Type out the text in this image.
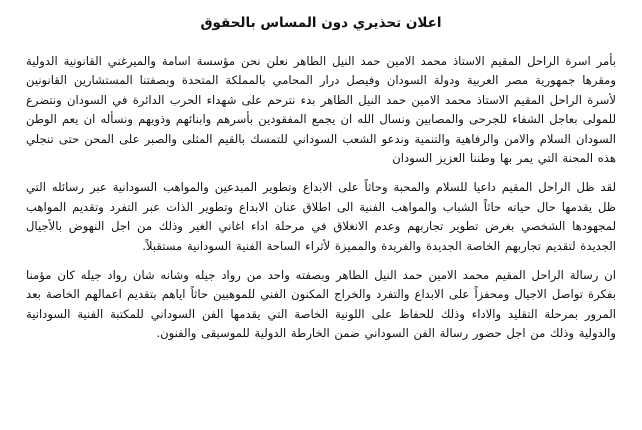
اعلان تحذيري دون المساس بالحقوق

بأمر اسرة الراحل المقيم الاستاذ محمد الامين حمد النيل الطاهر نعلن نحن مؤسسة اسامة والميرغني القانونية الدولية ومقرها جمهورية مصر العربية ودولة السودان وفيصل درار المحامي بالمملكة المتحدة وبصفتنا المستشارين القانونين لأسرة الراحل المقيم الاستاذ محمد الامين حمد النيل الطاهر بدء نترحم على شهداء الحرب الدائرة في السودان ونتضرع للمولى بعاجل الشفاء للجرحى والمصابين ونسال الله ان يجمع المفقودين بأسرهم وابنائهم وذويهم ونسأله ان يعم الوطن السودان السلام والامن والرفاهية والتنمية وندعو الشعب السوداني للتمسك بالقيم المثلى والصبر على المحن حتى تنجلي هذه المحنة التي يمر بها وطننا العزيز السودان

لقد ظل الراحل المقيم داعيا للسلام والمحبة وحاثاً على الابداع وتطوير المبدعين والمواهب السودانية عبر رسائله التي ظل يقدمها حال حياته حاثاً الشباب والمواهب الفنية الى اطلاق عنان الابداع وتطوير الذات عبر التفرد وتقديم المواهب لمجهودها الشخصي بغرض تطوير تجاربهم وعدم الانغلاق في مرحلة اداء اغاني الغير وذلك من اجل النهوض بالأجيال الجديدة لتقديم تجاربهم الخاصة الجديدة والفريدة والمميزة لأثراء الساحة الفنية السودانية مستقبلاً.

ان رسالة الراحل المقيم محمد الامين حمد النيل الطاهر وبصفته واحد من رواد جيله وشانه شان رواد جيله كان مؤمنا بفكرة تواصل الاجيال ومحفزاً على الابداع والتفرد والخراج المكنون الفني للموهبين حاثاً اياهم بتقديم اعمالهم الخاصة بعد المرور بمرحلة التقليد والاداء وذلك للحفاظ على اللونية الخاصة التي يقدمها الفن السوداني للمكتبة الفنية السودانية والدولية وذلك من اجل حضور رسالة الفن السوداني ضمن الخارطة الدولية للموسيقى والفنون.
